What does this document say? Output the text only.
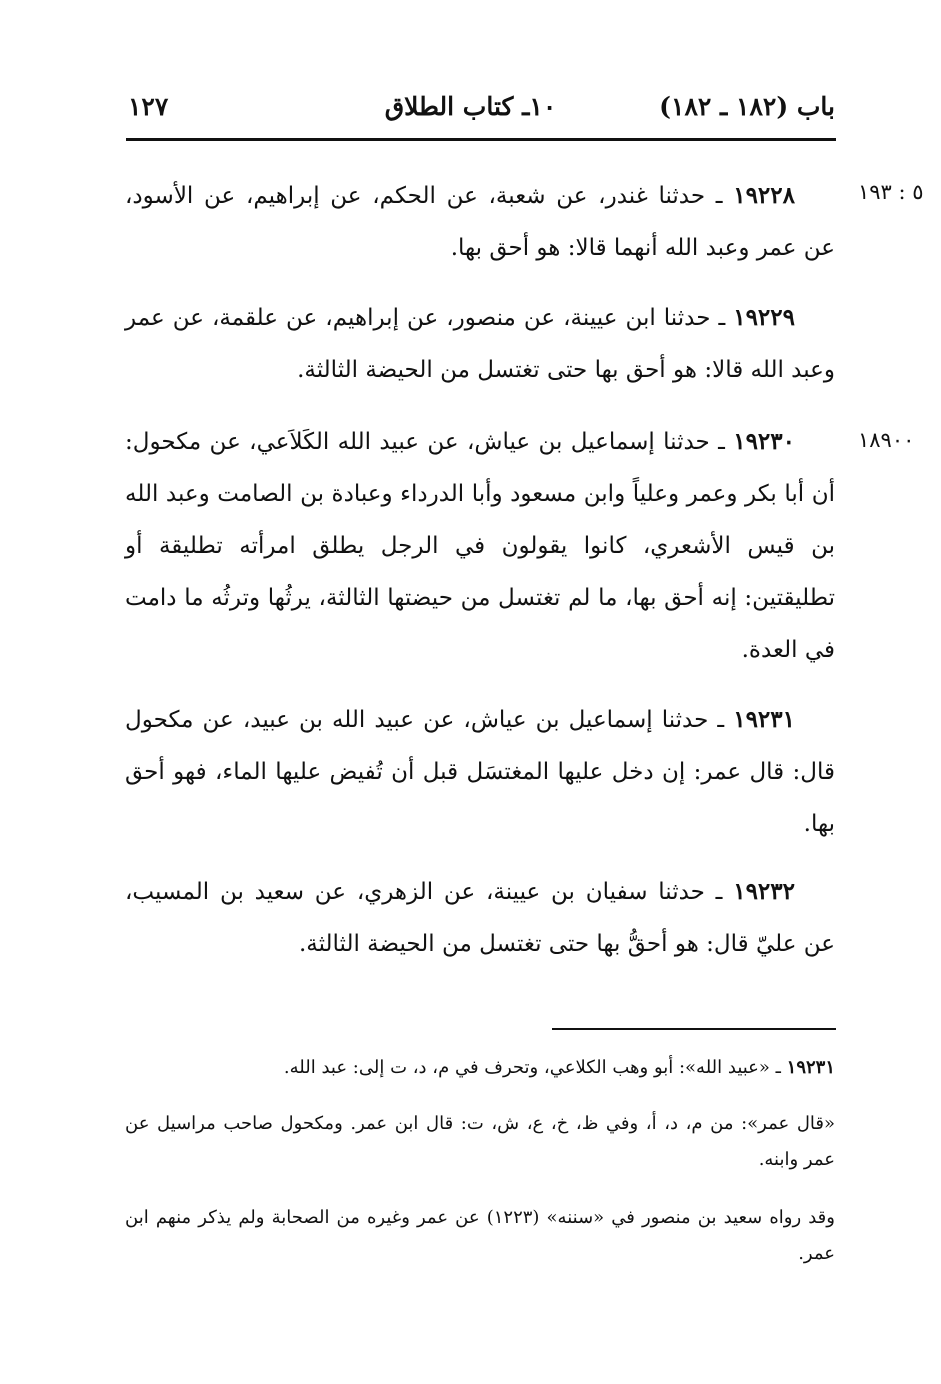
باب (١٨٢ ـ ١٨٢)
١٠ـ كتاب الطلاق
١٢٧
٥ : ١٩٣
١٨٩٠٠
١٩٢٢٨ ـ حدثنا غندر، عن شعبة، عن الحكم، عن إبراهيم، عن الأسود، عن عمر وعبد الله أنهما قالا: هو أحق بها.
١٩٢٢٩ ـ حدثنا ابن عيينة، عن منصور، عن إبراهيم، عن علقمة، عن عمر وعبد الله قالا: هو أحق بها حتى تغتسل من الحيضة الثالثة.
١٩٢٣٠ ـ حدثنا إسماعيل بن عياش، عن عبيد الله الكَلاَعي، عن مكحول: أن أبا بكر وعمر وعلياً وابن مسعود وأبا الدرداء وعبادة بن الصامت وعبد الله بن قيس الأشعري، كانوا يقولون في الرجل يطلق امرأته تطليقة أو تطليقتين: إنه أحق بها، ما لم تغتسل من حيضتها الثالثة، يرثُها وترثُه ما دامت في العدة.
١٩٢٣١ ـ حدثنا إسماعيل بن عياش، عن عبيد الله بن عبيد، عن مكحول قال: قال عمر: إن دخل عليها المغتسَل قبل أن تُفيض عليها الماء، فهو أحق بها.
١٩٢٣٢ ـ حدثنا سفيان بن عيينة، عن الزهري، عن سعيد بن المسيب، عن عليّ قال: هو أحقُّ بها حتى تغتسل من الحيضة الثالثة.
١٩٢٣١ ـ «عبيد الله»: أبو وهب الكلاعي، وتحرف في م، د، ت إلى: عبد الله.
«قال عمر»: من م، د، أ، وفي ظ، خ، ع، ش، ت: قال ابن عمر. ومكحول صاحب مراسيل عن عمر وابنه.
وقد رواه سعيد بن منصور في «سننه» (١٢٢٣) عن عمر وغيره من الصحابة ولم يذكر منهم ابن عمر.
